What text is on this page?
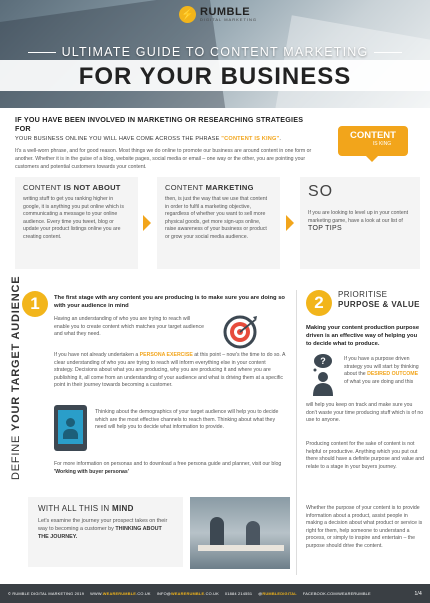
⚡ RUMBLE
DIGITAL MARKETING
ULTIMATE GUIDE TO CONTENT MARKETING
FOR YOUR BUSINESS
IF YOU HAVE BEEN INVOLVED IN MARKETING OR RESEARCHING STRATEGIES FOR
YOUR BUSINESS ONLINE YOU WILL HAVE COME ACROSS THE PHRASE "CONTENT IS KING".

It's a well-worn phrase, and for good reason. Most things we do online to promote our business are around content in one form or another. Whether it is in the guise of a blog, website pages, social media or email – one way or the other, you are pointing your customers and potential customers towards your content.

CONTENT
IS KING
CONTENT IS NOT ABOUT

writing stuff to get you ranking higher in google, it is anything you put online which is communicating a message to your online audience. Every time you tweet, blog or update your product listings online you are creating content.

CONTENT MARKETING

then, is just the way that we use that content in order to fulfil a marketing objective, regardless of whether you want to sell more physical goods, get more sign-ups online, raise awareness of your business or product or grow your social media audience.

SO

If you are looking to level up in your content marketing game, have a look at our list of TOP TIPS

1
DEFINE YOUR TARGET AUDIENCE	The first stage with any content you are producing is to make sure you are doing so with your audience in mind
Having an understanding of who you are trying to reach will enable you to create content which matches your target audience and what they need.
If you have not already undertaken a PERSONA EXERCISE at this point – now's the time to do so. A clear understanding of who you are trying to reach will inform everything else in your content strategy. Decisions about what you are producing, why you are producing it and where you are publishing it, all come from an understanding of your audience and what is driving them at a specific point in their journey towards becoming a customer.
Thinking about the demographics of your target audience will help you to decide which are the most effective channels to reach them. Thinking about what they need will help you to decide what information to provide.
For more information on personas and to download a free persona guide and planner, visit our blog 'Working with buyer personas'
WITH ALL THIS IN MIND

Let's examine the journey your prospect takes on their way to becoming a customer by THINKING ABOUT THE JOURNEY.

2	PRIORITISE
PURPOSE & VALUE
Making your content production purpose driven is an effective way of helping you to decide what to produce.
?	If you have a purpose driven strategy you will start by thinking about the DESIRED OUTCOME of what you are doing and this
will help you keep on track and make sure you don't waste your time producing stuff which is of no use to anyone.
Producing content for the sake of content is not helpful or productive. Anything which you put out there should have a definite purpose and value and relate to a stage in your buyers journey.
Whether the purpose of your content is to provide information about a product, assist people in making a decision about what product or service is right for them, help someone to understand a process, or simply to inspire and entertain – the purpose should drive the content.
© RUMBLE DIGITAL MARKETING 2019 WWW.WEARERUMBLE.CO.UK INFO@WEARERUMBLE.CO.UK 01884 214551 @RUMBLEDIGITAL FACEBOOK.COM/WEARERUMBLE	1/4
